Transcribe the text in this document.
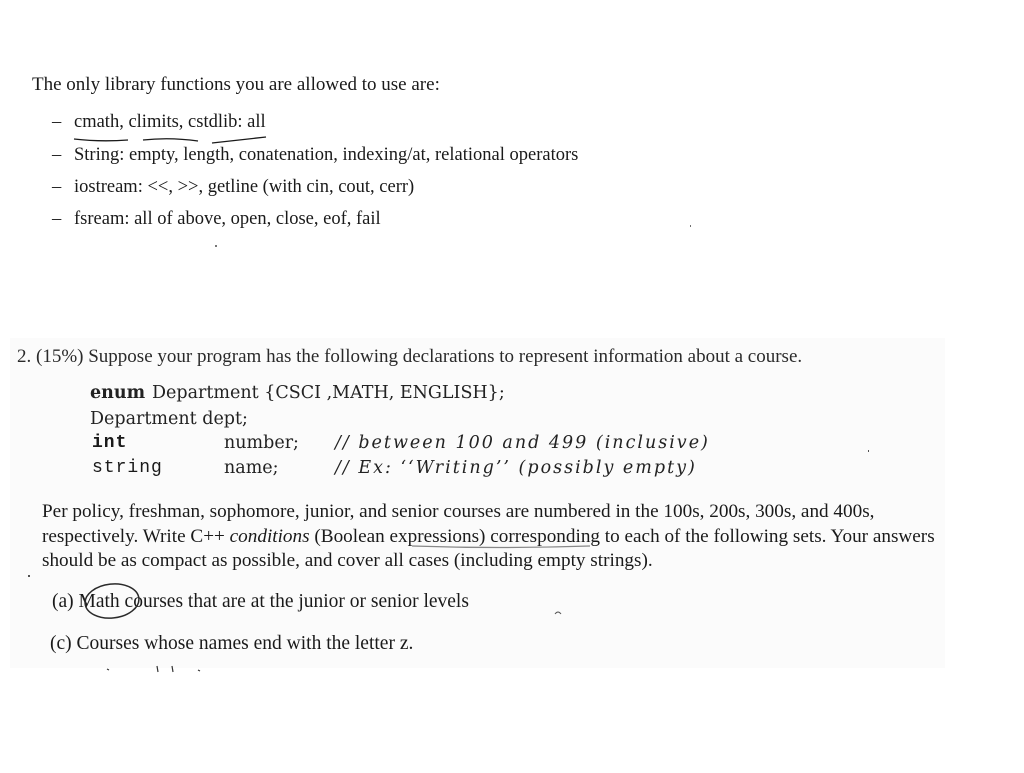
The only library functions you are allowed to use are:
– cmath, climits, cstdlib: all
– String: empty, length, conatenation, indexing/at, relational operators
– iostream: <<, >>, getline (with cin, cout, cerr)
– fsream: all of above, open, close, eof, fail
2. (15%) Suppose your program has the following declarations to represent information about a course.
enum Department {CSCI ,MATH, ENGLISH};
Department dept;
int	number; // between 100 and 499 (inclusive)
string	name;	// Ex: ‘‘Writing’’ (possibly empty)
Per policy, freshman, sophomore, junior, and senior courses are numbered in the 100s, 200s, 300s, and 400s, respectively. Write C++ conditions (Boolean expressions) corresponding to each of the following sets. Your answers should be as compact as possible, and cover all cases (including empty strings).
(a) Math courses that are at the junior or senior levels
(c) Courses whose names end with the letter z.
